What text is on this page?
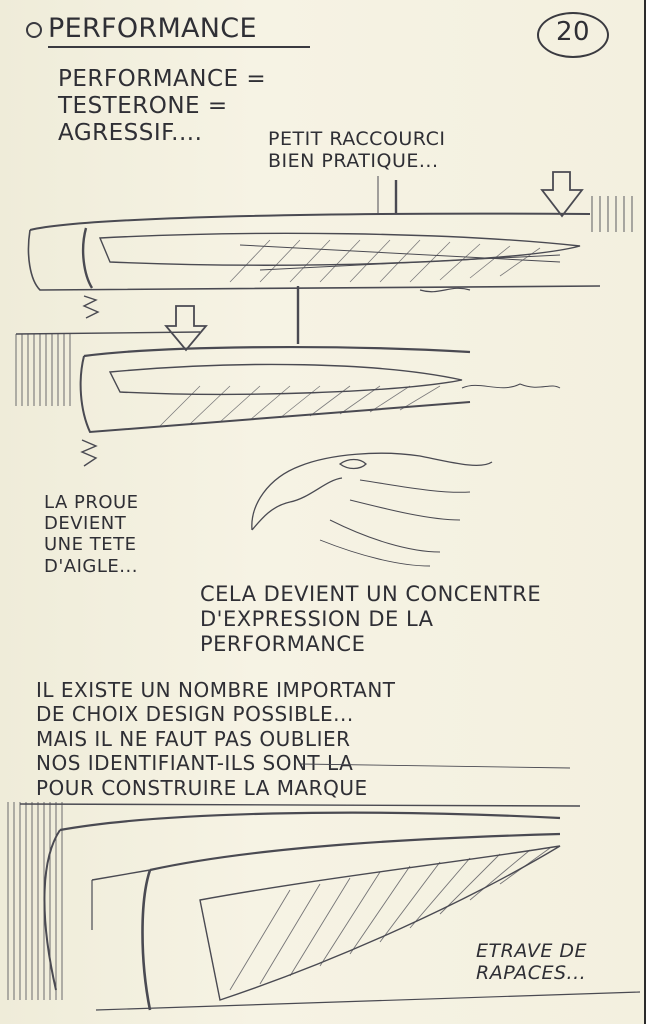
PERFORMANCE	20
PERFORMANCE =
TESTERONE =
AGRESSIF....	PETIT RACCOURCI
BIEN PRATIQUE...
LA PROUE
DEVIENT
UNE TETE
D'AIGLE...
CELA DEVIENT UN CONCENTRE
D'EXPRESSION DE LA
PERFORMANCE
IL EXISTE UN NOMBRE IMPORTANT
DE CHOIX DESIGN POSSIBLE...
MAIS IL NE FAUT PAS OUBLIER
NOS IDENTIFIANT-ILS SONT LA
POUR CONSTRUIRE LA MARQUE
ETRAVE DE
RAPACES...
